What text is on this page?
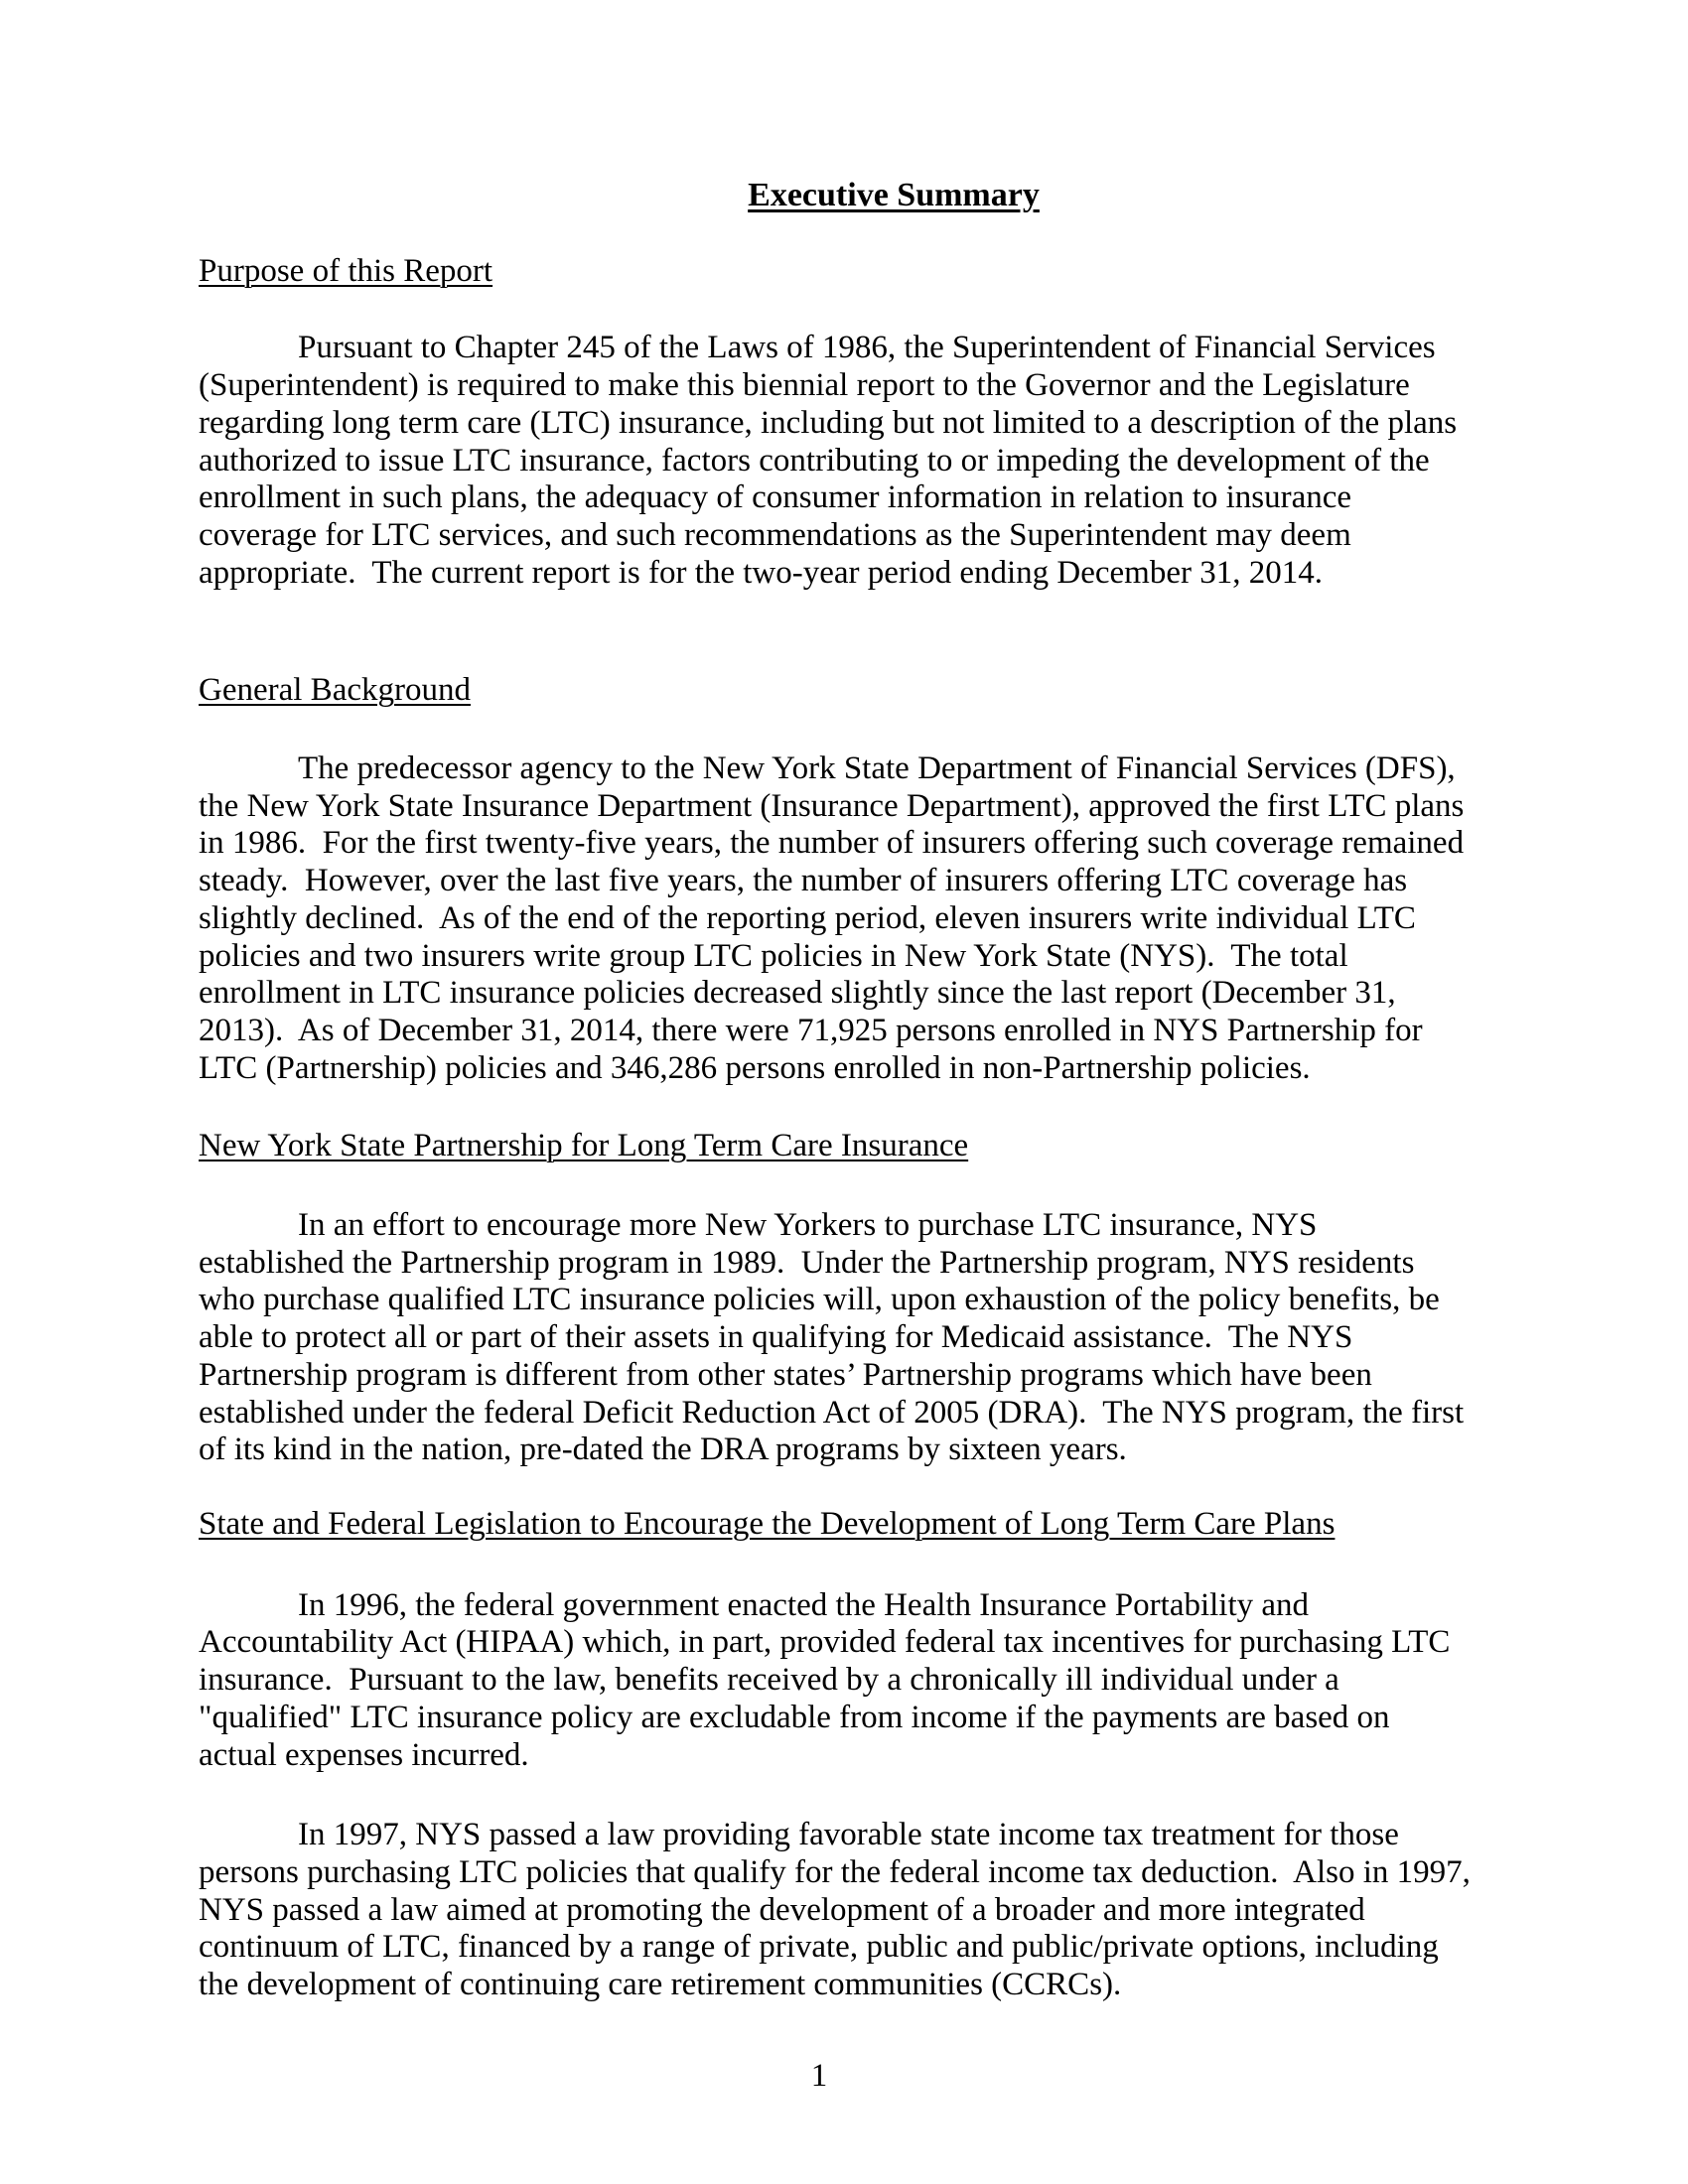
Executive Summary
Purpose of this Report
Pursuant to Chapter 245 of the Laws of 1986, the Superintendent of Financial Services
(Superintendent) is required to make this biennial report to the Governor and the Legislature
regarding long term care (LTC) insurance, including but not limited to a description of the plans
authorized to issue LTC insurance, factors contributing to or impeding the development of the
enrollment in such plans, the adequacy of consumer information in relation to insurance
coverage for LTC services, and such recommendations as the Superintendent may deem
appropriate.  The current report is for the two-year period ending December 31, 2014.
General Background
The predecessor agency to the New York State Department of Financial Services (DFS),
the New York State Insurance Department (Insurance Department), approved the first LTC plans
in 1986.  For the first twenty-five years, the number of insurers offering such coverage remained
steady.  However, over the last five years, the number of insurers offering LTC coverage has
slightly declined.  As of the end of the reporting period, eleven insurers write individual LTC
policies and two insurers write group LTC policies in New York State (NYS).  The total
enrollment in LTC insurance policies decreased slightly since the last report (December 31,
2013).  As of December 31, 2014, there were 71,925 persons enrolled in NYS Partnership for
LTC (Partnership) policies and 346,286 persons enrolled in non-Partnership policies.
New York State Partnership for Long Term Care Insurance
In an effort to encourage more New Yorkers to purchase LTC insurance, NYS
established the Partnership program in 1989.  Under the Partnership program, NYS residents
who purchase qualified LTC insurance policies will, upon exhaustion of the policy benefits, be
able to protect all or part of their assets in qualifying for Medicaid assistance.  The NYS
Partnership program is different from other states’ Partnership programs which have been
established under the federal Deficit Reduction Act of 2005 (DRA).  The NYS program, the first
of its kind in the nation, pre-dated the DRA programs by sixteen years.
State and Federal Legislation to Encourage the Development of Long Term Care Plans
In 1996, the federal government enacted the Health Insurance Portability and
Accountability Act (HIPAA) which, in part, provided federal tax incentives for purchasing LTC
insurance.  Pursuant to the law, benefits received by a chronically ill individual under a
"qualified" LTC insurance policy are excludable from income if the payments are based on
actual expenses incurred.
In 1997, NYS passed a law providing favorable state income tax treatment for those
persons purchasing LTC policies that qualify for the federal income tax deduction.  Also in 1997,
NYS passed a law aimed at promoting the development of a broader and more integrated
continuum of LTC, financed by a range of private, public and public/private options, including
the development of continuing care retirement communities (CCRCs).
1
